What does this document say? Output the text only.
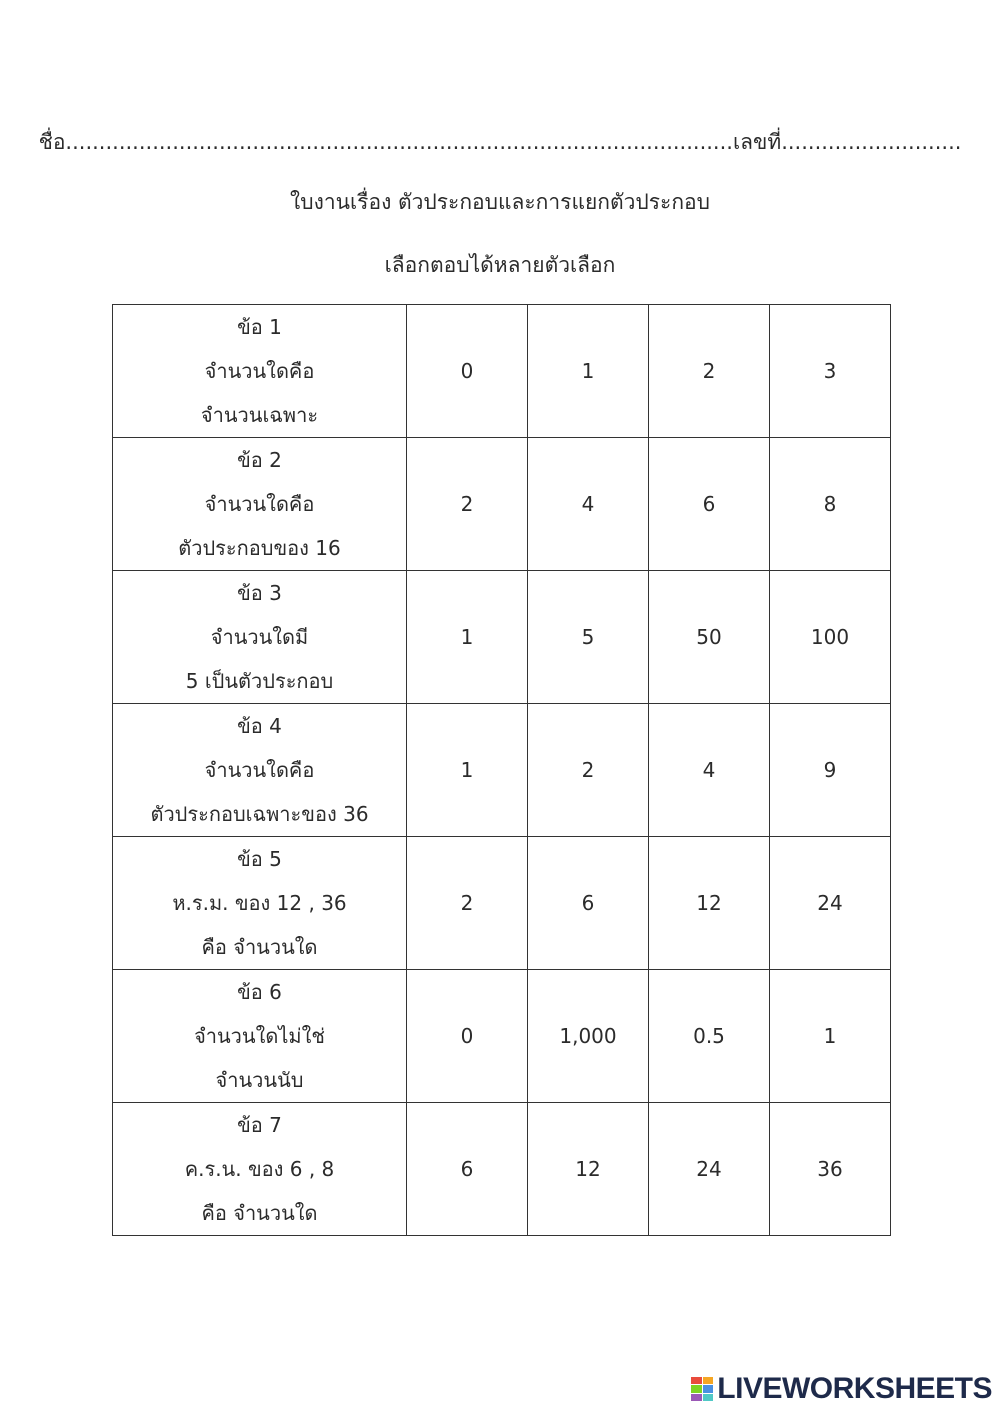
ชื่อ....................................................................................................เลขที่...........................
ใบงานเรื่อง ตัวประกอบและการแยกตัวประกอบ
เลือกตอบได้หลายตัวเลือก
ข้อ 1
จำนวนใดคือ
จำนวนเฉพาะ	0	1	2	3

ข้อ 2
จำนวนใดคือ
ตัวประกอบของ 16	2	4	6	8

ข้อ 3
จำนวนใดมี
5 เป็นตัวประกอบ	1	5	50	100

ข้อ 4
จำนวนใดคือ
ตัวประกอบเฉพาะของ 36	1	2	4	9

ข้อ 5
ห.ร.ม. ของ 12 , 36
คือ จำนวนใด	2	6	12	24

ข้อ 6
จำนวนใดไม่ใช่
จำนวนนับ	0	1,000	0.5	1

ข้อ 7
ค.ร.น. ของ 6 , 8
คือ จำนวนใด	6	12	24	36
LIVEWORKSHEETS
